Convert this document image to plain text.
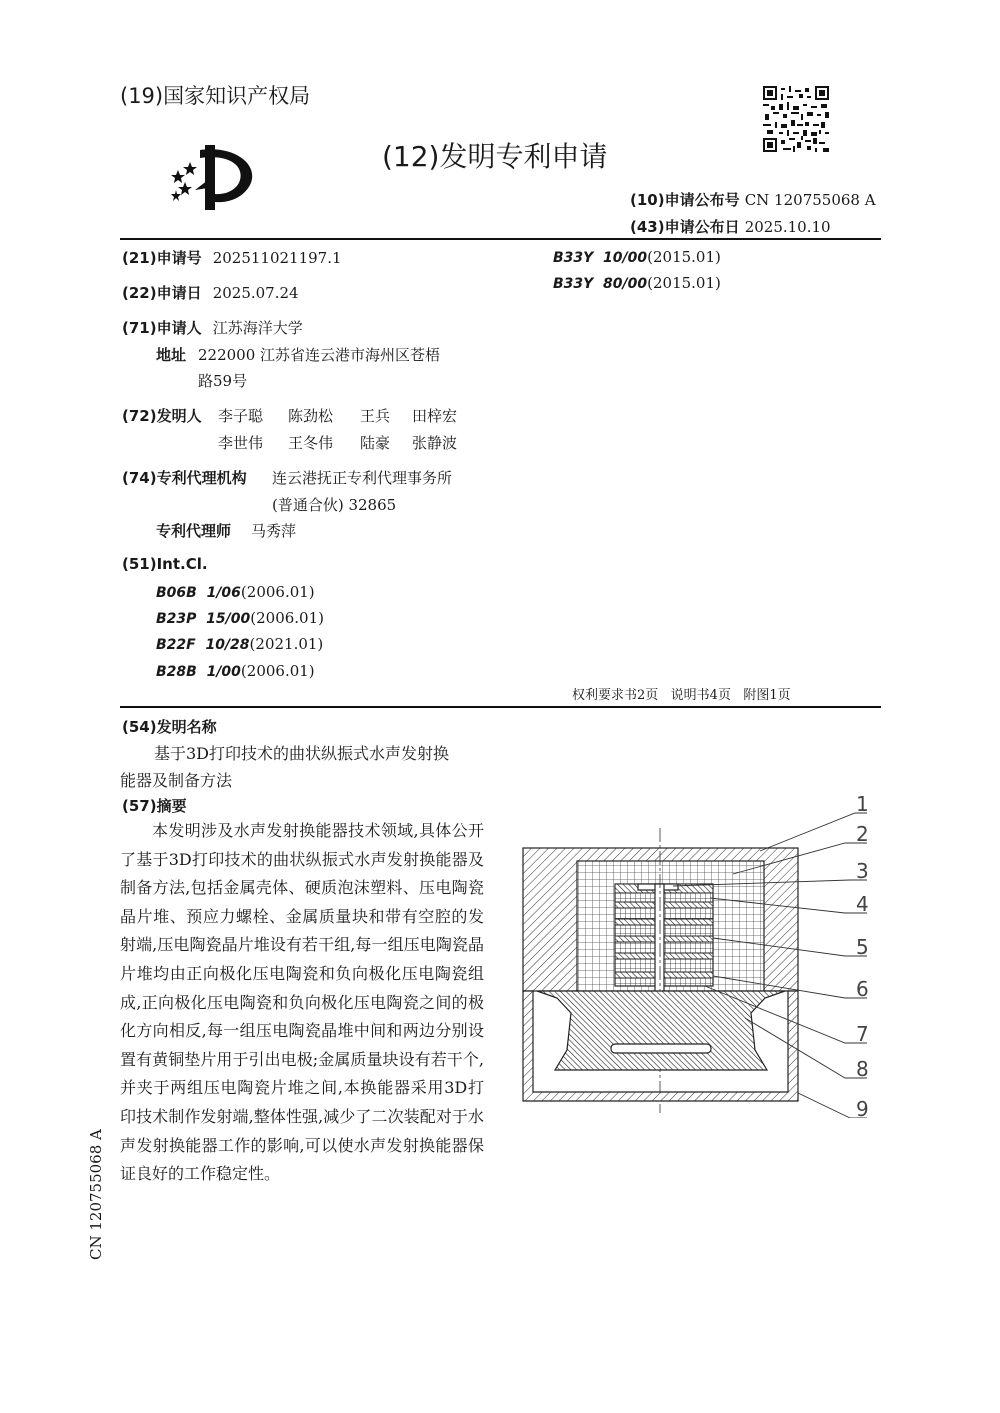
(19)国家知识产权局
(12)发明专利申请
(10)申请公布号 CN 120755068 A
(43)申请公布日 2025.10.10
(21)申请号 202511021197.1
(22)申请日 2025.07.24
(71)申请人 江苏海洋大学
地址 222000 江苏省连云港市海州区苍梧
路59号
(72)发明人 李子聪 陈劲松 王兵 田梓宏
李世伟 王冬伟 陆豪 张静波
(74)专利代理机构 连云港抚正专利代理事务所
(普通合伙) 32865
专利代理师 马秀萍
(51)Int.Cl.
B06B  1/06(2006.01)
B23P  15/00(2006.01)
B22F  10/28(2021.01)
B28B  1/00(2006.01)
B33Y  10/00(2015.01)
B33Y  80/00(2015.01)
权利要求书2页   说明书4页   附图1页
(54)发明名称
基于3D打印技术的曲状纵振式水声发射换
能器及制备方法
(57)摘要

本发明涉及水声发射换能器技术领域,具体公开了基于3D打印技术的曲状纵振式水声发射换能器及制备方法,包括金属壳体、硬质泡沫塑料、压电陶瓷晶片堆、预应力螺栓、金属质量块和带有空腔的发射端,压电陶瓷晶片堆设有若干组,每一组压电陶瓷晶片堆均由正向极化压电陶瓷和负向极化压电陶瓷组成,正向极化压电陶瓷和负向极化压电陶瓷之间的极化方向相反,每一组压电陶瓷晶堆中间和两边分别设置有黄铜垫片用于引出电极;金属质量块设有若干个,并夹于两组压电陶瓷片堆之间,本换能器采用3D打印技术制作发射端,整体性强,减少了二次装配对于水声发射换能器工作的影响,可以使水声发射换能器保证良好的工作稳定性。

CN 120755068 A
1
2
3
4
5
6
7
8
9
